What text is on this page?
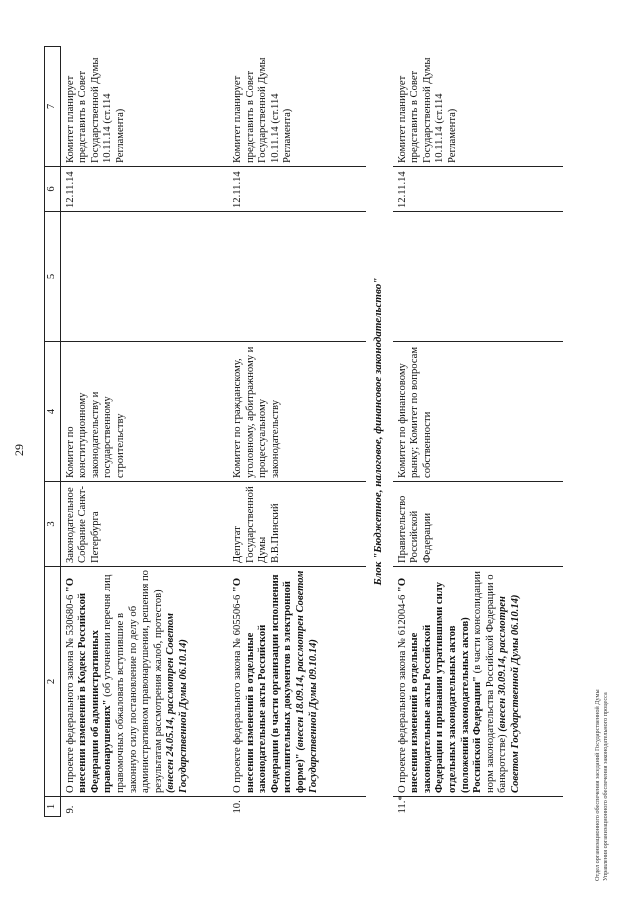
29
1	2	3	4	5	6	7
9.	О проекте федерального закона № 530680-6 "О внесении изменений в Кодекс Российской Федерации об административных правонарушениях" (об уточнении перечня лиц правомочных обжаловать вступившие в законную силу постановление по делу об административном правонарушении, решения по результатам рассмотрения жалоб, протестов) (внесен 24.05.14, рассмотрен Советом Государственной Думы 06.10.14)	Законодательное Собрание Санкт-Петербурга	Комитет по конституционному законодательству и государственному строительству		12.11.14	Комитет планирует представить в Совет Государственной Думы 10.11.14 (ст.114 Регламента)
10.	О проекте федерального закона № 605506-6 "О внесении изменений в отдельные законодательные акты Российской Федерации (в части организации исполнения исполнительных документов в электронной форме)" (внесен 18.09.14, рассмотрен Советом Государственной Думы 09.10.14)	Депутат Государственной Думы В.В.Пинский	Комитет по гражданскому, уголовному, арбитражному и процессуальному законодательству		12.11.14	Комитет планирует представить в Совет Государственной Думы 10.11.14 (ст.114 Регламента)
Блок "Бюджетное, налоговое, финансовое законодательство"						
11.*	О проекте федерального закона № 612004-6 "О внесении изменений в отдельные законодательные акты Российской Федерации и признании утратившими силу отдельных законодательных актов (положений законодательных актов) Российской Федерации" (в части консолидации норм законодательства Российской Федерации о банкротстве) (внесен 30.09.14, рассмотрен Советом Государственной Думы 06.10.14)	Правительство Российской Федерации	Комитет по финансовому рынку; Комитет по вопросам собственности		12.11.14	Комитет планирует представить в Совет Государственной Думы 10.11.14 (ст.114 Регламента)
Отдел организационного обеспечения заседаний Государственной Думы Управления организационного обеспечения законодательного процесса
